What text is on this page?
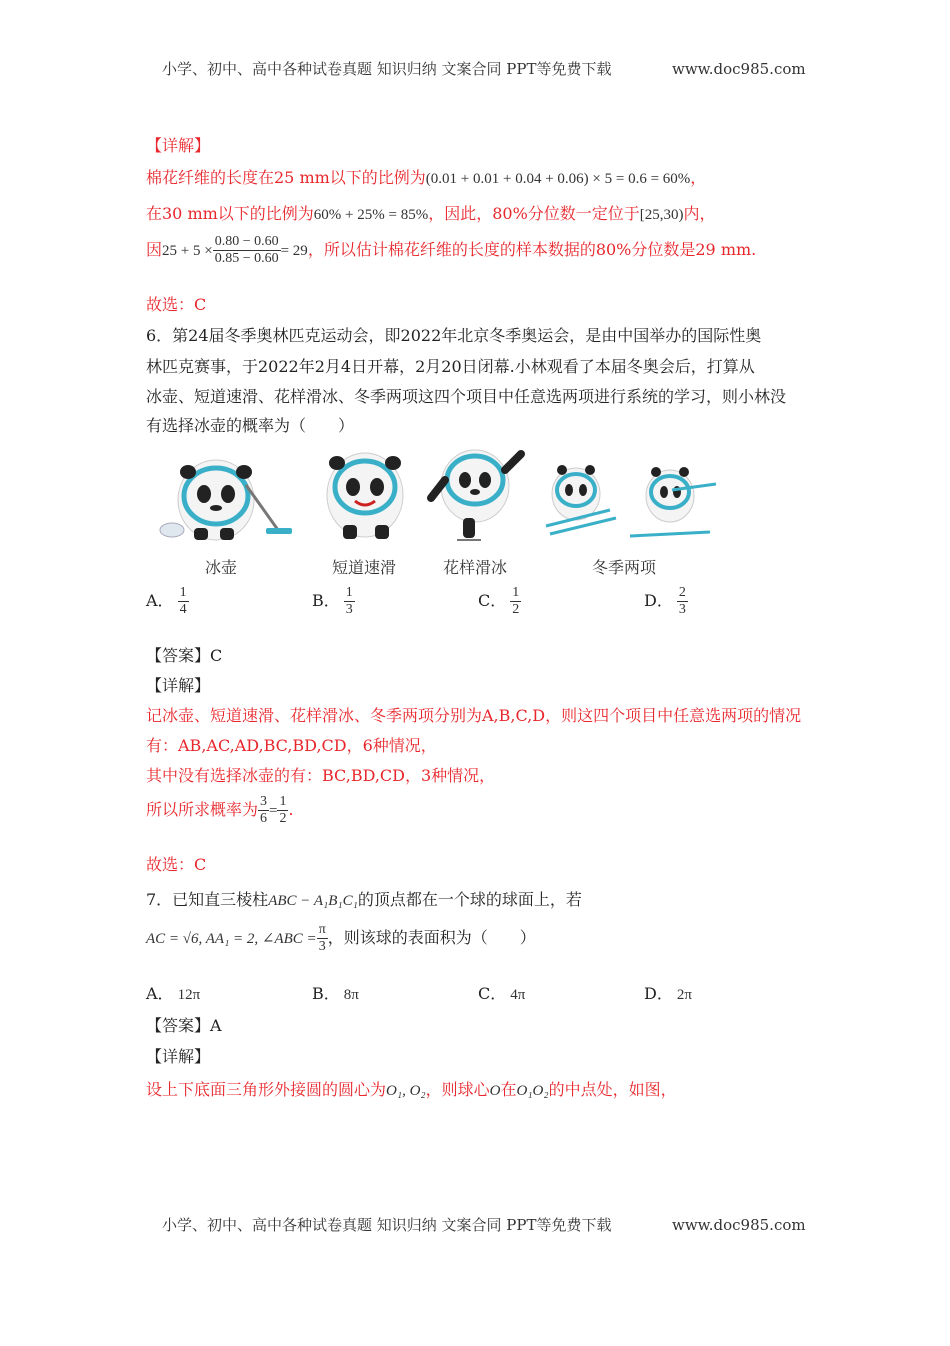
小学、初中、高中各种试卷真题 知识归纳 文案合同 PPT等免费下载	www.doc985.com
【详解】
棉花纤维的长度在25 mm以下的比例为(0.01 + 0.01 + 0.04 + 0.06) × 5 = 0.6 = 60%，
在30 mm以下的比例为60% + 25% = 85%，因此，80%分位数一定位于[25,30)内，
因$25 + 5 \times \frac{0.80 - 0.60}{0.85 - 0.60} = 29$，所以估计棉花纤维的长度的样本数据的80%分位数是29 mm.
故选：C
6．第24届冬季奥林匹克运动会，即2022年北京冬季奥运会，是由中国举办的国际性奥
林匹克赛事，于2022年2月4日开幕，2月20日闭幕.小林观看了本届冬奥会后，打算从
冰壶、短道速滑、花样滑冰、冬季两项这四个项目中任意选两项进行系统的学习，则小林没
有选择冰壶的概率为（　　）
冰壶	短道速滑	花样滑冰	冬季两项
A． $\frac{1}{4}$	B． $\frac{1}{3}$	C． $\frac{1}{2}$	D． $\frac{2}{3}$
【答案】C
【详解】
记冰壶、短道速滑、花样滑冰、冬季两项分别为A,B,C,D，则这四个项目中任意选两项的情况
有：AB,AC,AD,BC,BD,CD，6种情况，
其中没有选择冰壶的有：BC,BD,CD，3种情况，
所以所求概率为 $\frac{3}{6} = \frac{1}{2}$ .
故选：C
7．已知直三棱柱ABC − A₁B₁C₁的顶点都在一个球的球面上，若
AC = √6, AA₁ = 2, ∠ABC = $\frac{\pi}{3}$ ，则该球的表面积为（　　）
A． 12π	B． 8π	C． 4π	D． 2π
【答案】A
【详解】
设上下底面三角形外接圆的圆心为O₁, O₂，则球心O在O₁O₂的中点处，如图，
小学、初中、高中各种试卷真题 知识归纳 文案合同 PPT等免费下载	www.doc985.com
